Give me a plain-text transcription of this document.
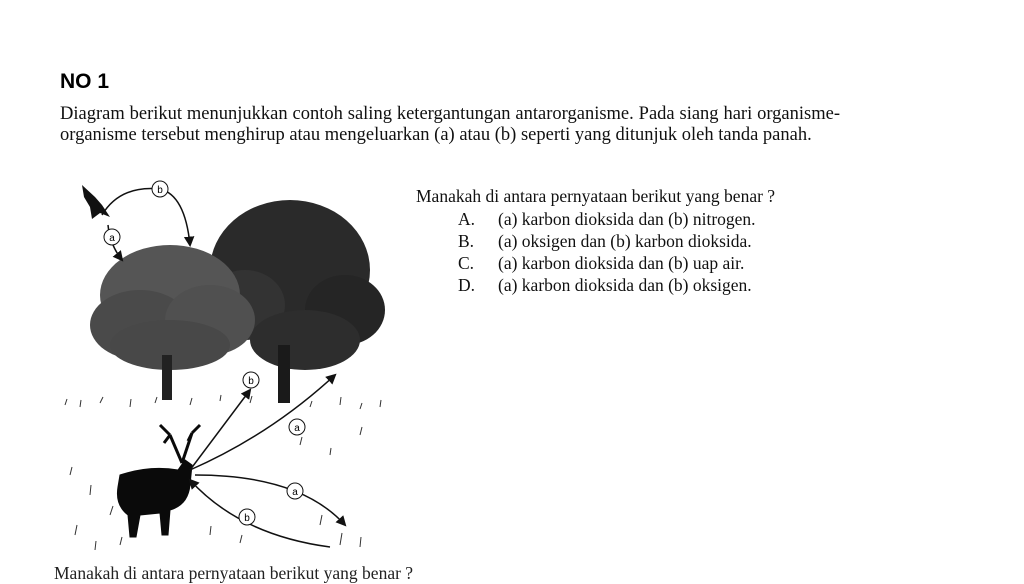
NO 1
Diagram berikut menunjukkan contoh saling ketergantungan antarorganisme. Pada siang hari organisme-organisme tersebut menghirup atau mengeluarkan (a) atau (b) seperti yang ditunjuk oleh tanda panah.
b
a
b
a
a
b
Manakah di antara pernyataan berikut yang benar ?
A.	(a) karbon dioksida dan (b) nitrogen.
B.	(a) oksigen dan (b) karbon dioksida.
C.	(a) karbon dioksida dan (b) uap air.
D.	(a) karbon dioksida dan (b) oksigen.
Manakah di antara pernyataan berikut yang benar ?
